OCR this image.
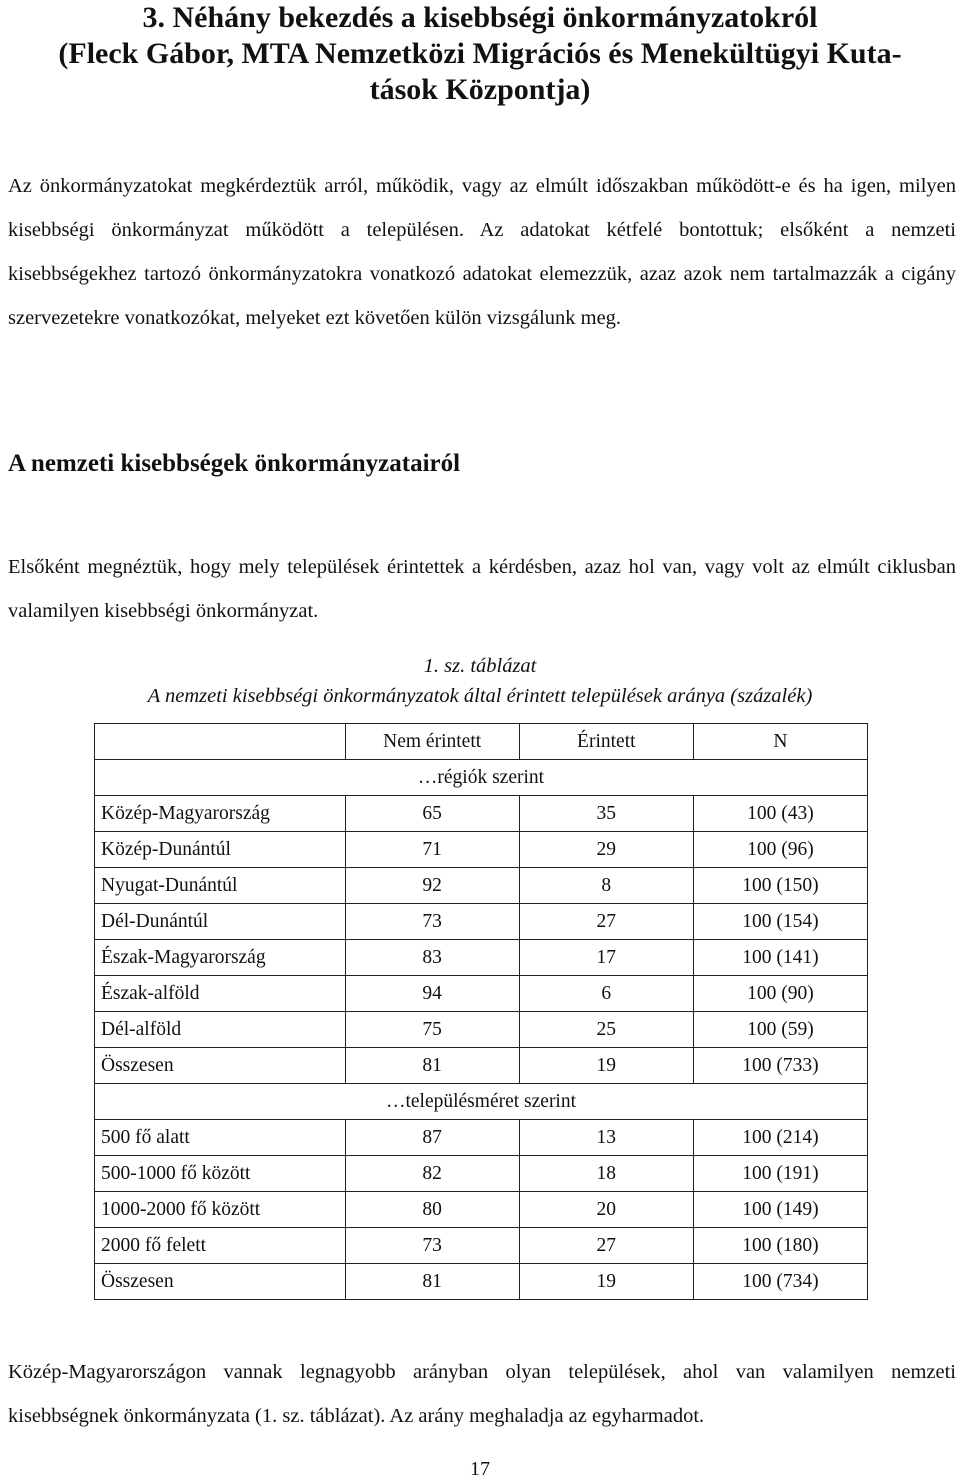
3. Néhány bekezdés a kisebbségi önkormányzatokról
(Fleck Gábor, MTA Nemzetközi Migrációs és Menekültügyi Kuta-
tások Központja)
Az önkormányzatokat megkérdeztük arról, működik, vagy az elmúlt időszakban működött-e és ha igen, milyen kisebbségi önkormányzat működött a településen. Az adatokat kétfelé bontottuk; elsőként a nemzeti kisebbségekhez tartozó önkormányzatokra vonatkozó adatokat elemezzük, azaz azok nem tartalmazzák a cigány szervezetekre vonatkozókat, melyeket ezt követően külön vizsgálunk meg.
A nemzeti kisebbségek önkormányzatairól
Elsőként megnéztük, hogy mely települések érintettek a kérdésben, azaz hol van, vagy volt az elmúlt ciklusban valamilyen kisebbségi önkormányzat.
1. sz. táblázat
A nemzeti kisebbségi önkormányzatok által érintett települések aránya (százalék)
	Nem érintett	Érintett	N
…régiók szerint			
Közép-Magyarország	65	35	100 (43)
Közép-Dunántúl	71	29	100 (96)
Nyugat-Dunántúl	92	8	100 (150)
Dél-Dunántúl	73	27	100 (154)
Észak-Magyarország	83	17	100 (141)
Észak-alföld	94	6	100 (90)
Dél-alföld	75	25	100 (59)
Összesen	81	19	100 (733)
…településméret szerint			
500 fő alatt	87	13	100 (214)
500-1000 fő között	82	18	100 (191)
1000-2000 fő között	80	20	100 (149)
2000 fő felett	73	27	100 (180)
Összesen	81	19	100 (734)
Közép-Magyarországon vannak legnagyobb arányban olyan települések, ahol van valamilyen nemzeti kisebbségnek önkormányzata (1. sz. táblázat). Az arány meghaladja az egyharmadot.
17
